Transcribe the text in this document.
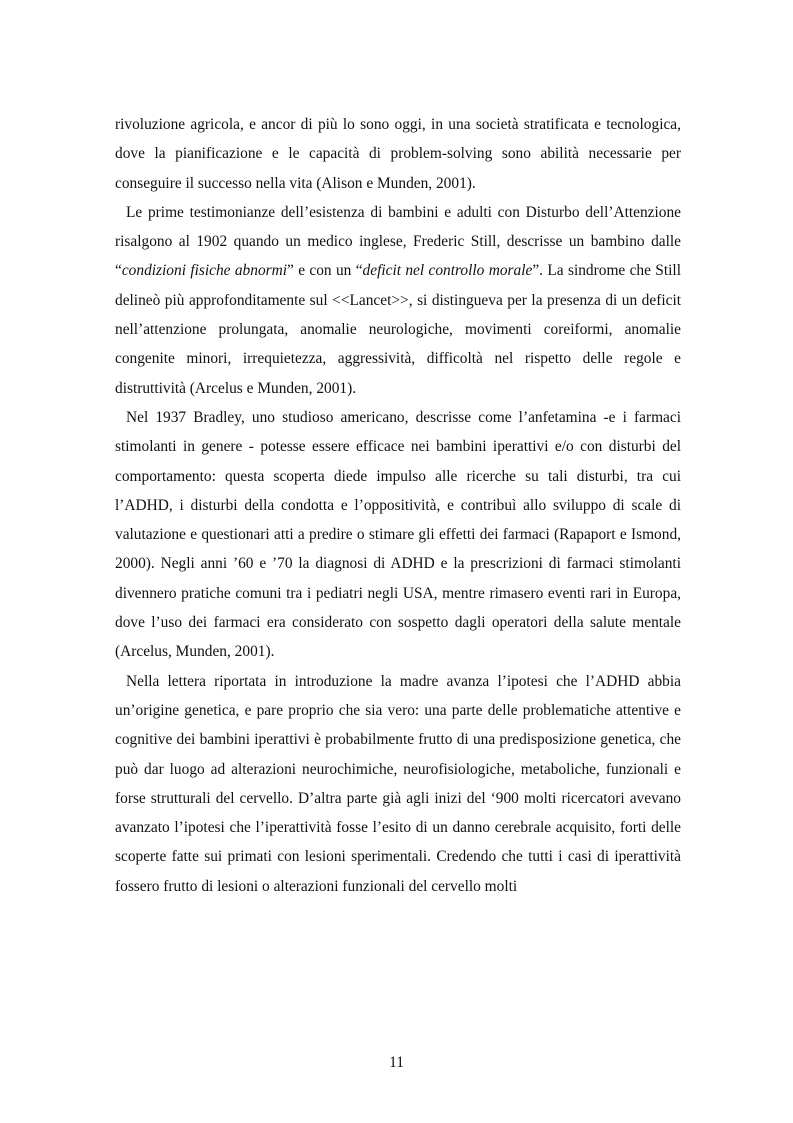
rivoluzione agricola, e ancor di più lo sono oggi, in una società stratificata e tecnologica, dove la pianificazione e le capacità di problem-solving sono abilità necessarie per conseguire il successo nella vita (Alison e Munden, 2001).

Le prime testimonianze dell’esistenza di bambini e adulti con Disturbo dell’Attenzione risalgono al 1902 quando un medico inglese, Frederic Still, descrisse un bambino dalle “condizioni fisiche abnormi” e con un “deficit nel controllo morale”. La sindrome che Still delineò più approfonditamente sul <<Lancet>>, si distingueva per la presenza di un deficit nell’attenzione prolungata, anomalie neurologiche, movimenti coreiformi, anomalie congenite minori, irrequietezza, aggressività, difficoltà nel rispetto delle regole e distruttività (Arcelus e Munden, 2001).

Nel 1937 Bradley, uno studioso americano, descrisse come l’anfetamina -e i farmaci stimolanti in genere - potesse essere efficace nei bambini iperattivi e/o con disturbi del comportamento: questa scoperta diede impulso alle ricerche su tali disturbi, tra cui l’ADHD, i disturbi della condotta e l’oppositività, e contribuì allo sviluppo di scale di valutazione e questionari atti a predire o stimare gli effetti dei farmaci (Rapaport e Ismond, 2000). Negli anni ’60 e ’70 la diagnosi di ADHD e la prescrizioni di farmaci stimolanti divennero pratiche comuni tra i pediatri negli USA, mentre rimasero eventi rari in Europa, dove l’uso dei farmaci era considerato con sospetto dagli operatori della salute mentale (Arcelus, Munden, 2001).

Nella lettera riportata in introduzione la madre avanza l’ipotesi che l’ADHD abbia un’origine genetica, e pare proprio che sia vero: una parte delle problematiche attentive e cognitive dei bambini iperattivi è probabilmente frutto di una predisposizione genetica, che può dar luogo ad alterazioni neurochimiche, neurofisiologiche, metaboliche, funzionali e forse strutturali del cervello. D’altra parte già agli inizi del ‘900 molti ricercatori avevano avanzato l’ipotesi che l’iperattività fosse l’esito di un danno cerebrale acquisito, forti delle scoperte fatte sui primati con lesioni sperimentali. Credendo che tutti i casi di iperattività fossero frutto di lesioni o alterazioni funzionali del cervello molti

11
